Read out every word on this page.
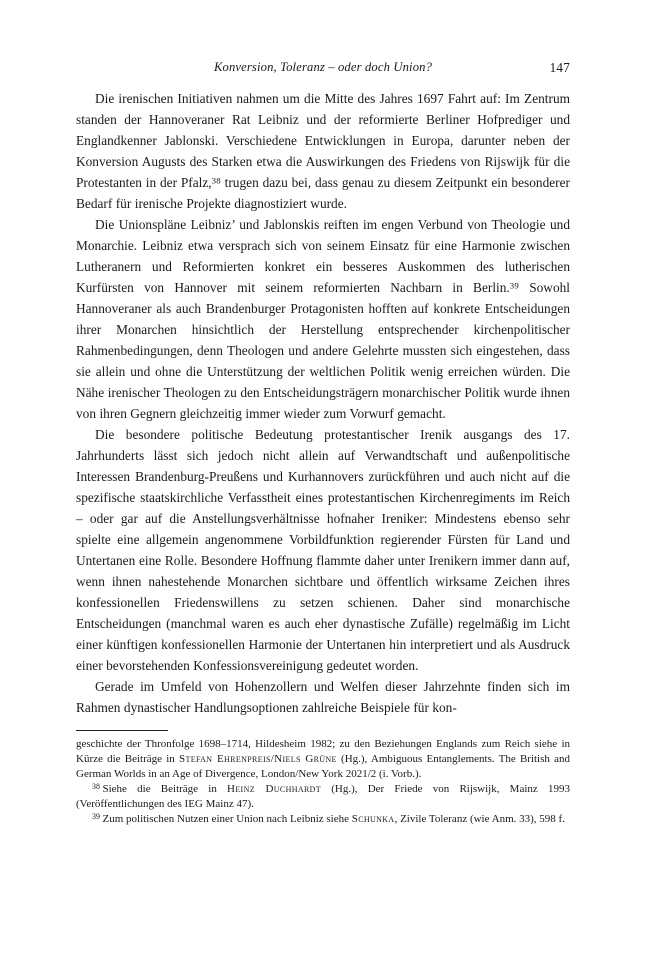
Konversion, Toleranz – oder doch Union?	147

Die irenischen Initiativen nahmen um die Mitte des Jahres 1697 Fahrt auf: Im Zentrum standen der Hannoveraner Rat Leibniz und der reformierte Berliner Hofprediger und Englandkenner Jablonski. Verschiedene Entwicklungen in Europa, darunter neben der Konversion Augusts des Starken etwa die Auswirkungen des Friedens von Rijswijk für die Protestanten in der Pfalz,$^{38}$ trugen dazu bei, dass genau zu diesem Zeitpunkt ein besonderer Bedarf für irenische Projekte diagnostiziert wurde.

Die Unionspläne Leibniz’ und Jablonskis reiften im engen Verbund von Theologie und Monarchie. Leibniz etwa versprach sich von seinem Einsatz für eine Harmonie zwischen Lutheranern und Reformierten konkret ein besseres Auskommen des lutherischen Kurfürsten von Hannover mit seinem reformierten Nachbarn in Berlin.$^{39}$ Sowohl Hannoveraner als auch Brandenburger Protagonisten hofften auf konkrete Entscheidungen ihrer Monarchen hinsichtlich der Herstellung entsprechender kirchenpolitischer Rahmenbedingungen, denn Theologen und andere Gelehrte mussten sich eingestehen, dass sie allein und ohne die Unterstützung der weltlichen Politik wenig erreichen würden. Die Nähe irenischer Theologen zu den Entscheidungsträgern monarchischer Politik wurde ihnen von ihren Gegnern gleichzeitig immer wieder zum Vorwurf gemacht.

Die besondere politische Bedeutung protestantischer Irenik ausgangs des 17. Jahrhunderts lässt sich jedoch nicht allein auf Verwandtschaft und außenpolitische Interessen Brandenburg-Preußens und Kurhannovers zurückführen und auch nicht auf die spezifische staatskirchliche Verfasstheit eines protestantischen Kirchenregiments im Reich – oder gar auf die Anstellungsverhältnisse hofnaher Ireniker: Mindestens ebenso sehr spielte eine allgemein angenommene Vorbildfunktion regierender Fürsten für Land und Untertanen eine Rolle. Besondere Hoffnung flammte daher unter Irenikern immer dann auf, wenn ihnen nahestehende Monarchen sichtbare und öffentlich wirksame Zeichen ihres konfessionellen Friedenswillens zu setzen schienen. Daher sind monarchische Entscheidungen (manchmal waren es auch eher dynastische Zufälle) regelmäßig im Licht einer künftigen konfessionellen Harmonie der Untertanen hin interpretiert und als Ausdruck einer bevorstehenden Konfessionsvereinigung gedeutet worden.

Gerade im Umfeld von Hohenzollern und Welfen dieser Jahrzehnte finden sich im Rahmen dynastischer Handlungsoptionen zahlreiche Beispiele für kon-

geschichte der Thronfolge 1698–1714, Hildesheim 1982; zu den Beziehungen Englands zum Reich siehe in Kürze die Beiträge in Stefan Ehrenpreis/Niels Grüne (Hg.), Ambiguous Entanglements. The British and German Worlds in an Age of Divergence, London/New York 2021/2 (i. Vorb.).

$^{38}$ Siehe die Beiträge in Heinz Duchhardt (Hg.), Der Friede von Rijswijk, Mainz 1993 (Veröffentlichungen des IEG Mainz 47).

$^{39}$ Zum politischen Nutzen einer Union nach Leibniz siehe Schunka, Zivile Toleranz (wie Anm. 33), 598 f.
